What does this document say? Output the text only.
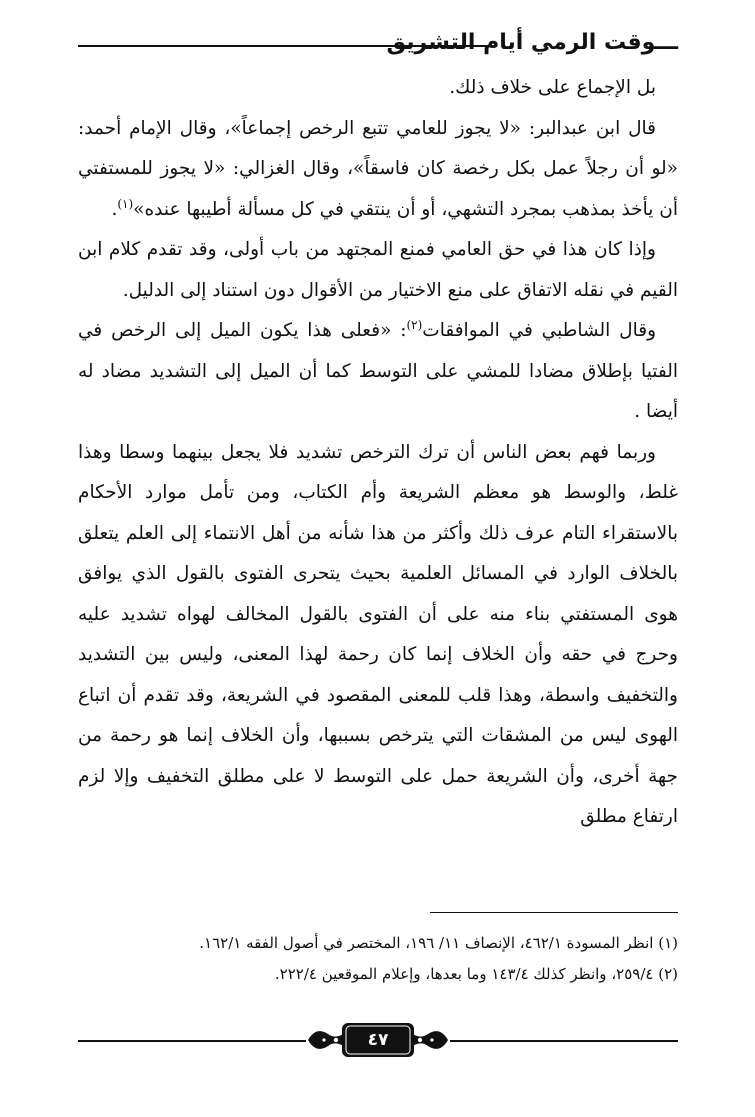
ـــوقت الرمي أيام التشريق

بل الإجماع على خلاف ذلك.

قال ابن عبدالبر: «لا يجوز للعامي تتبع الرخص إجماعاً»، وقال الإمام أحمد: «لو أن رجلاً عمل بكل رخصة كان فاسقاً»، وقال الغزالي: «لا يجوز للمستفتي أن يأخذ بمذهب بمجرد التشهي، أو أن ينتقي في كل مسألة أطيبها عنده»$^{(١)}$.

وإذا كان هذا في حق العامي فمنع المجتهد من باب أولى، وقد تقدم كلام ابن القيم في نقله الاتفاق على منع الاختيار من الأقوال دون استناد إلى الدليل.

وقال الشاطبي في الموافقات$^{(٢)}$: «فعلى هذا يكون الميل إلى الرخص في الفتيا بإطلاق مضادا للمشي على التوسط كما أن الميل إلى التشديد مضاد له أيضا .

وربما فهم بعض الناس أن ترك الترخص تشديد فلا يجعل بينهما وسطا وهذا غلط، والوسط هو معظم الشريعة وأم الكتاب، ومن تأمل موارد الأحكام بالاستقراء التام عرف ذلك وأكثر من هذا شأنه من أهل الانتماء إلى العلم يتعلق بالخلاف الوارد في المسائل العلمية بحيث يتحرى الفتوى بالقول الذي يوافق هوى المستفتي بناء منه على أن الفتوى بالقول المخالف لهواه تشديد عليه وحرج في حقه وأن الخلاف إنما كان رحمة لهذا المعنى، وليس بين التشديد والتخفيف واسطة، وهذا قلب للمعنى المقصود في الشريعة، وقد تقدم أن اتباع الهوى ليس من المشقات التي يترخص بسببها، وأن الخلاف إنما هو رحمة من جهة أخرى، وأن الشريعة حمل على التوسط لا على مطلق التخفيف وإلا لزم ارتفاع مطلق

(١) انظر المسودة ٤٦٢/١، الإنصاف ١١/ ١٩٦، المختصر في أصول الفقه ١٦٢/١.

(٢) ٢٥٩/٤، وانظر كذلك ١٤٣/٤ وما بعدها، وإعلام الموقعين ٢٢٢/٤.

٤٧
